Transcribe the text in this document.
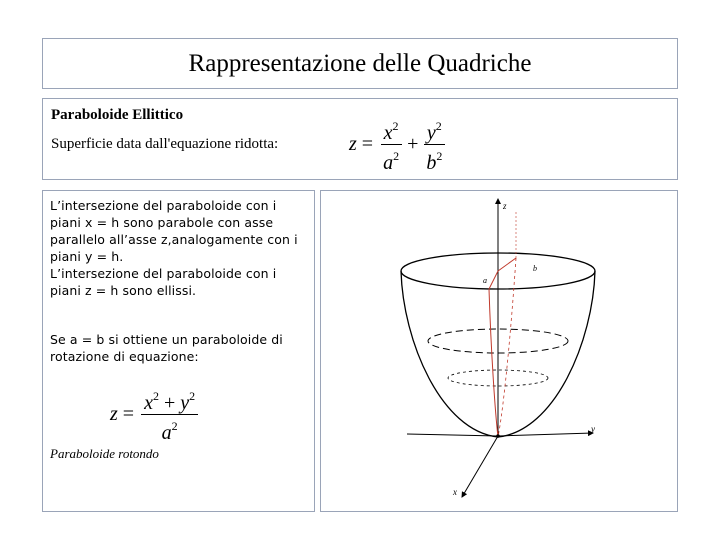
Rappresentazione delle Quadriche
Paraboloide Ellittico
Superficie data dall'equazione ridotta:	$z = \frac{x^2}{a^2} + \frac{y^2}{b^2}$
L’intersezione del paraboloide con i
piani x = h sono parabole con asse
parallelo all’asse z,analogamente con i
piani y = h.
L’intersezione del paraboloide con i
piani z = h sono ellissi.
Se a = b si ottiene un paraboloide di
rotazione di equazione:
$z = \frac{x^2 + y^2}{a^2}$
Paraboloide rotondo
z
y
x
a
b
